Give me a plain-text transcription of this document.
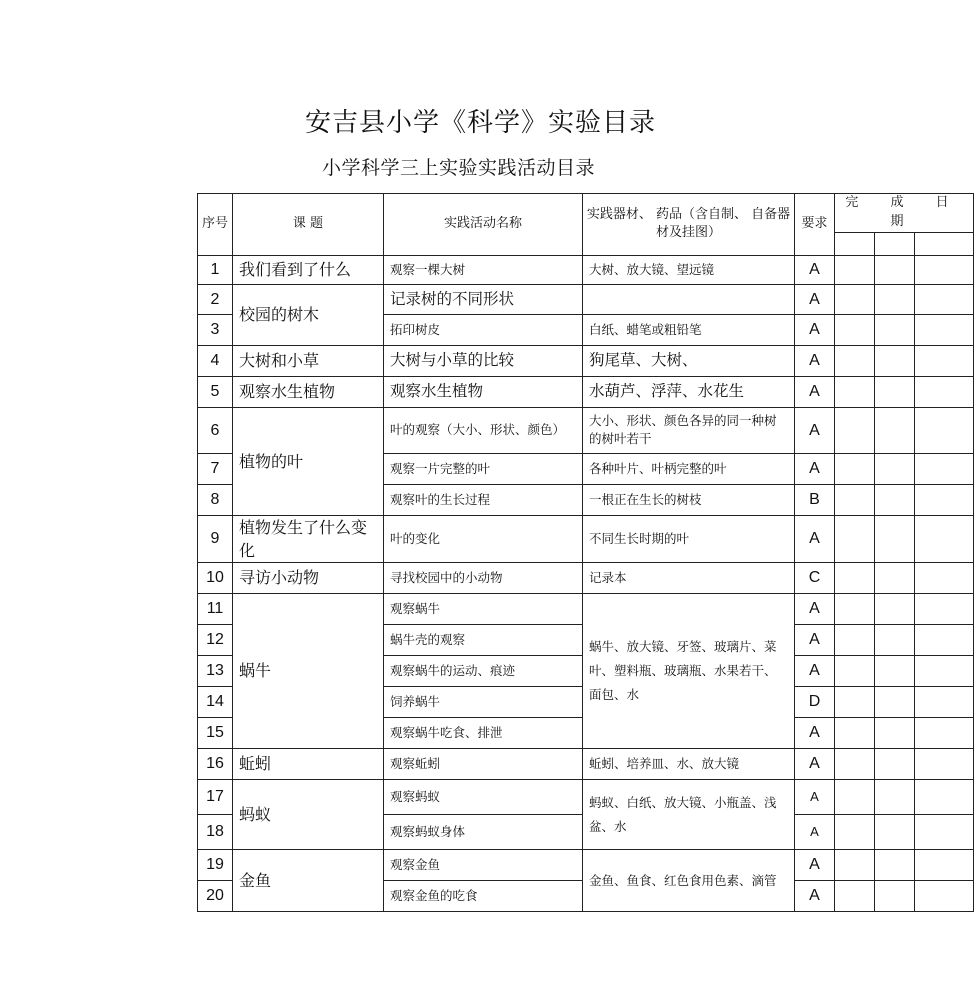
安吉县小学《科学》实验目录
小学科学三上实验实践活动目录
序号	课 题	实践活动名称	实践器材、 药品（含自制、 自备器材及挂图）	要求	完 成 日 期		

1	我们看到了什么	观察一棵大树	大树、放大镜、望远镜	A			
2	校园的树木	记录树的不同形状		A			
3		拓印树皮	白纸、蜡笔或粗铅笔	A			
4	大树和小草	大树与小草的比较	狗尾草、大树、	A			
5	观察水生植物	观察水生植物	水葫芦、浮萍、水花生	A			
6	植物的叶	叶的观察（大小、形状、颜色）	大小、形状、颜色各异的同一种树的树叶若干	A			
7		观察一片完整的叶	各种叶片、叶柄完整的叶	A			
8		观察叶的生长过程	一根正在生长的树枝	B			
9	植物发生了什么变化	叶的变化	不同生长时期的叶	A			
10	寻访小动物	寻找校园中的小动物	记录本	C			
11	蜗牛	观察蜗牛	蜗牛、放大镜、牙签、玻璃片、菜叶、塑料瓶、玻璃瓶、水果若干、面包、水	A			
12		蜗牛壳的观察		A			
13		观察蜗牛的运动、痕迹		A			
14		饲养蜗牛		D			
15		观察蜗牛吃食、排泄		A			
16	蚯蚓	观察蚯蚓	蚯蚓、培养皿、水、放大镜	A			
17	蚂蚁	观察蚂蚁	蚂蚁、白纸、放大镜、小瓶盖、浅盆、水	A			
18		观察蚂蚁身体		A			
19	金鱼	观察金鱼	金鱼、鱼食、红色食用色素、滴管	A			
20		观察金鱼的吃食		A			
